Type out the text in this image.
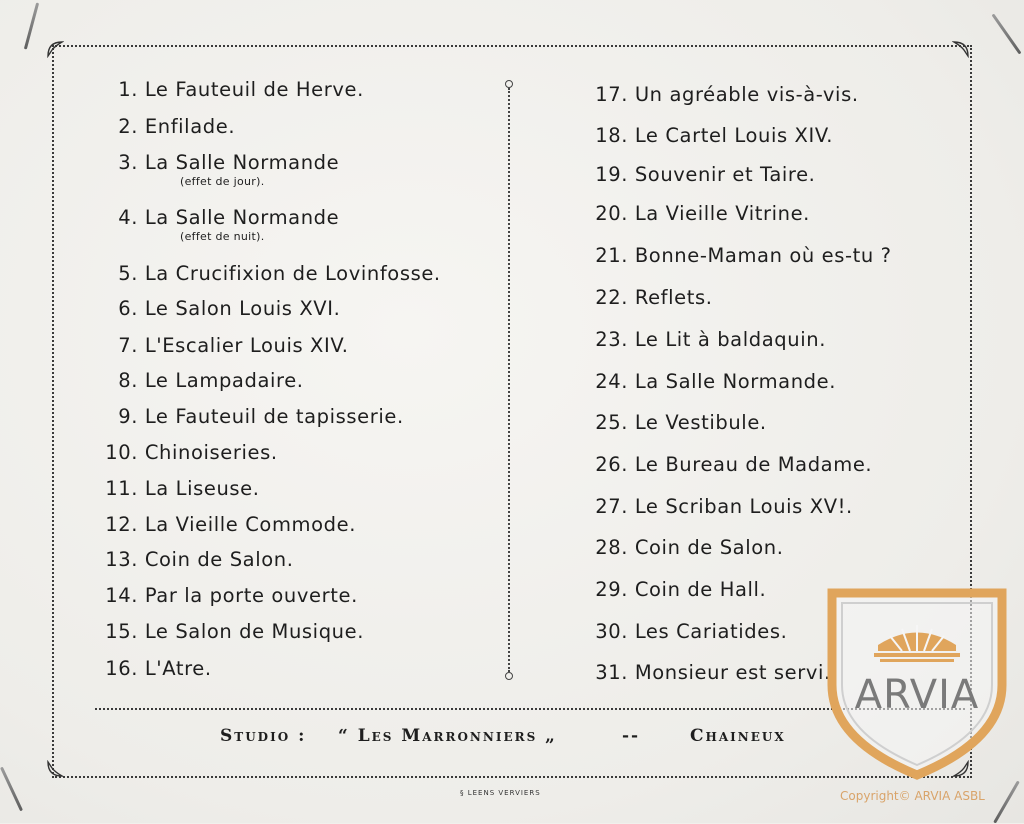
1. Le Fauteuil de Herve.
2. Enfilade.
3. La Salle Normande
(effet de jour).
4. La Salle Normande
(effet de nuit).
5. La Crucifixion de Lovinfosse.
6. Le Salon Louis XVI.
7. L'Escalier Louis XIV.
8. Le Lampadaire.
9. Le Fauteuil de tapisserie.
10. Chinoiseries.
11. La Liseuse.
12. La Vieille Commode.
13. Coin de Salon.
14. Par la porte ouverte.
15. Le Salon de Musique.
16. L'Atre.
17. Un agréable vis-à-vis.
18. Le Cartel Louis XIV.
19. Souvenir et Taire.
20. La Vieille Vitrine.
21. Bonne-Maman où es-tu ?
22. Reflets.
23. Le Lit à baldaquin.
24. La Salle Normande.
25. Le Vestibule.
26. Le Bureau de Madame.
27. Le Scriban Louis XV!.
28. Coin de Salon.
29. Coin de Hall.
30. Les Cariatides.
31. Monsieur est servi.
Studio : “ Les Marronniers „	--	Chaineux
§ LEENS VERVIERS
ARVIA
Copyright© ARVIA ASBL
